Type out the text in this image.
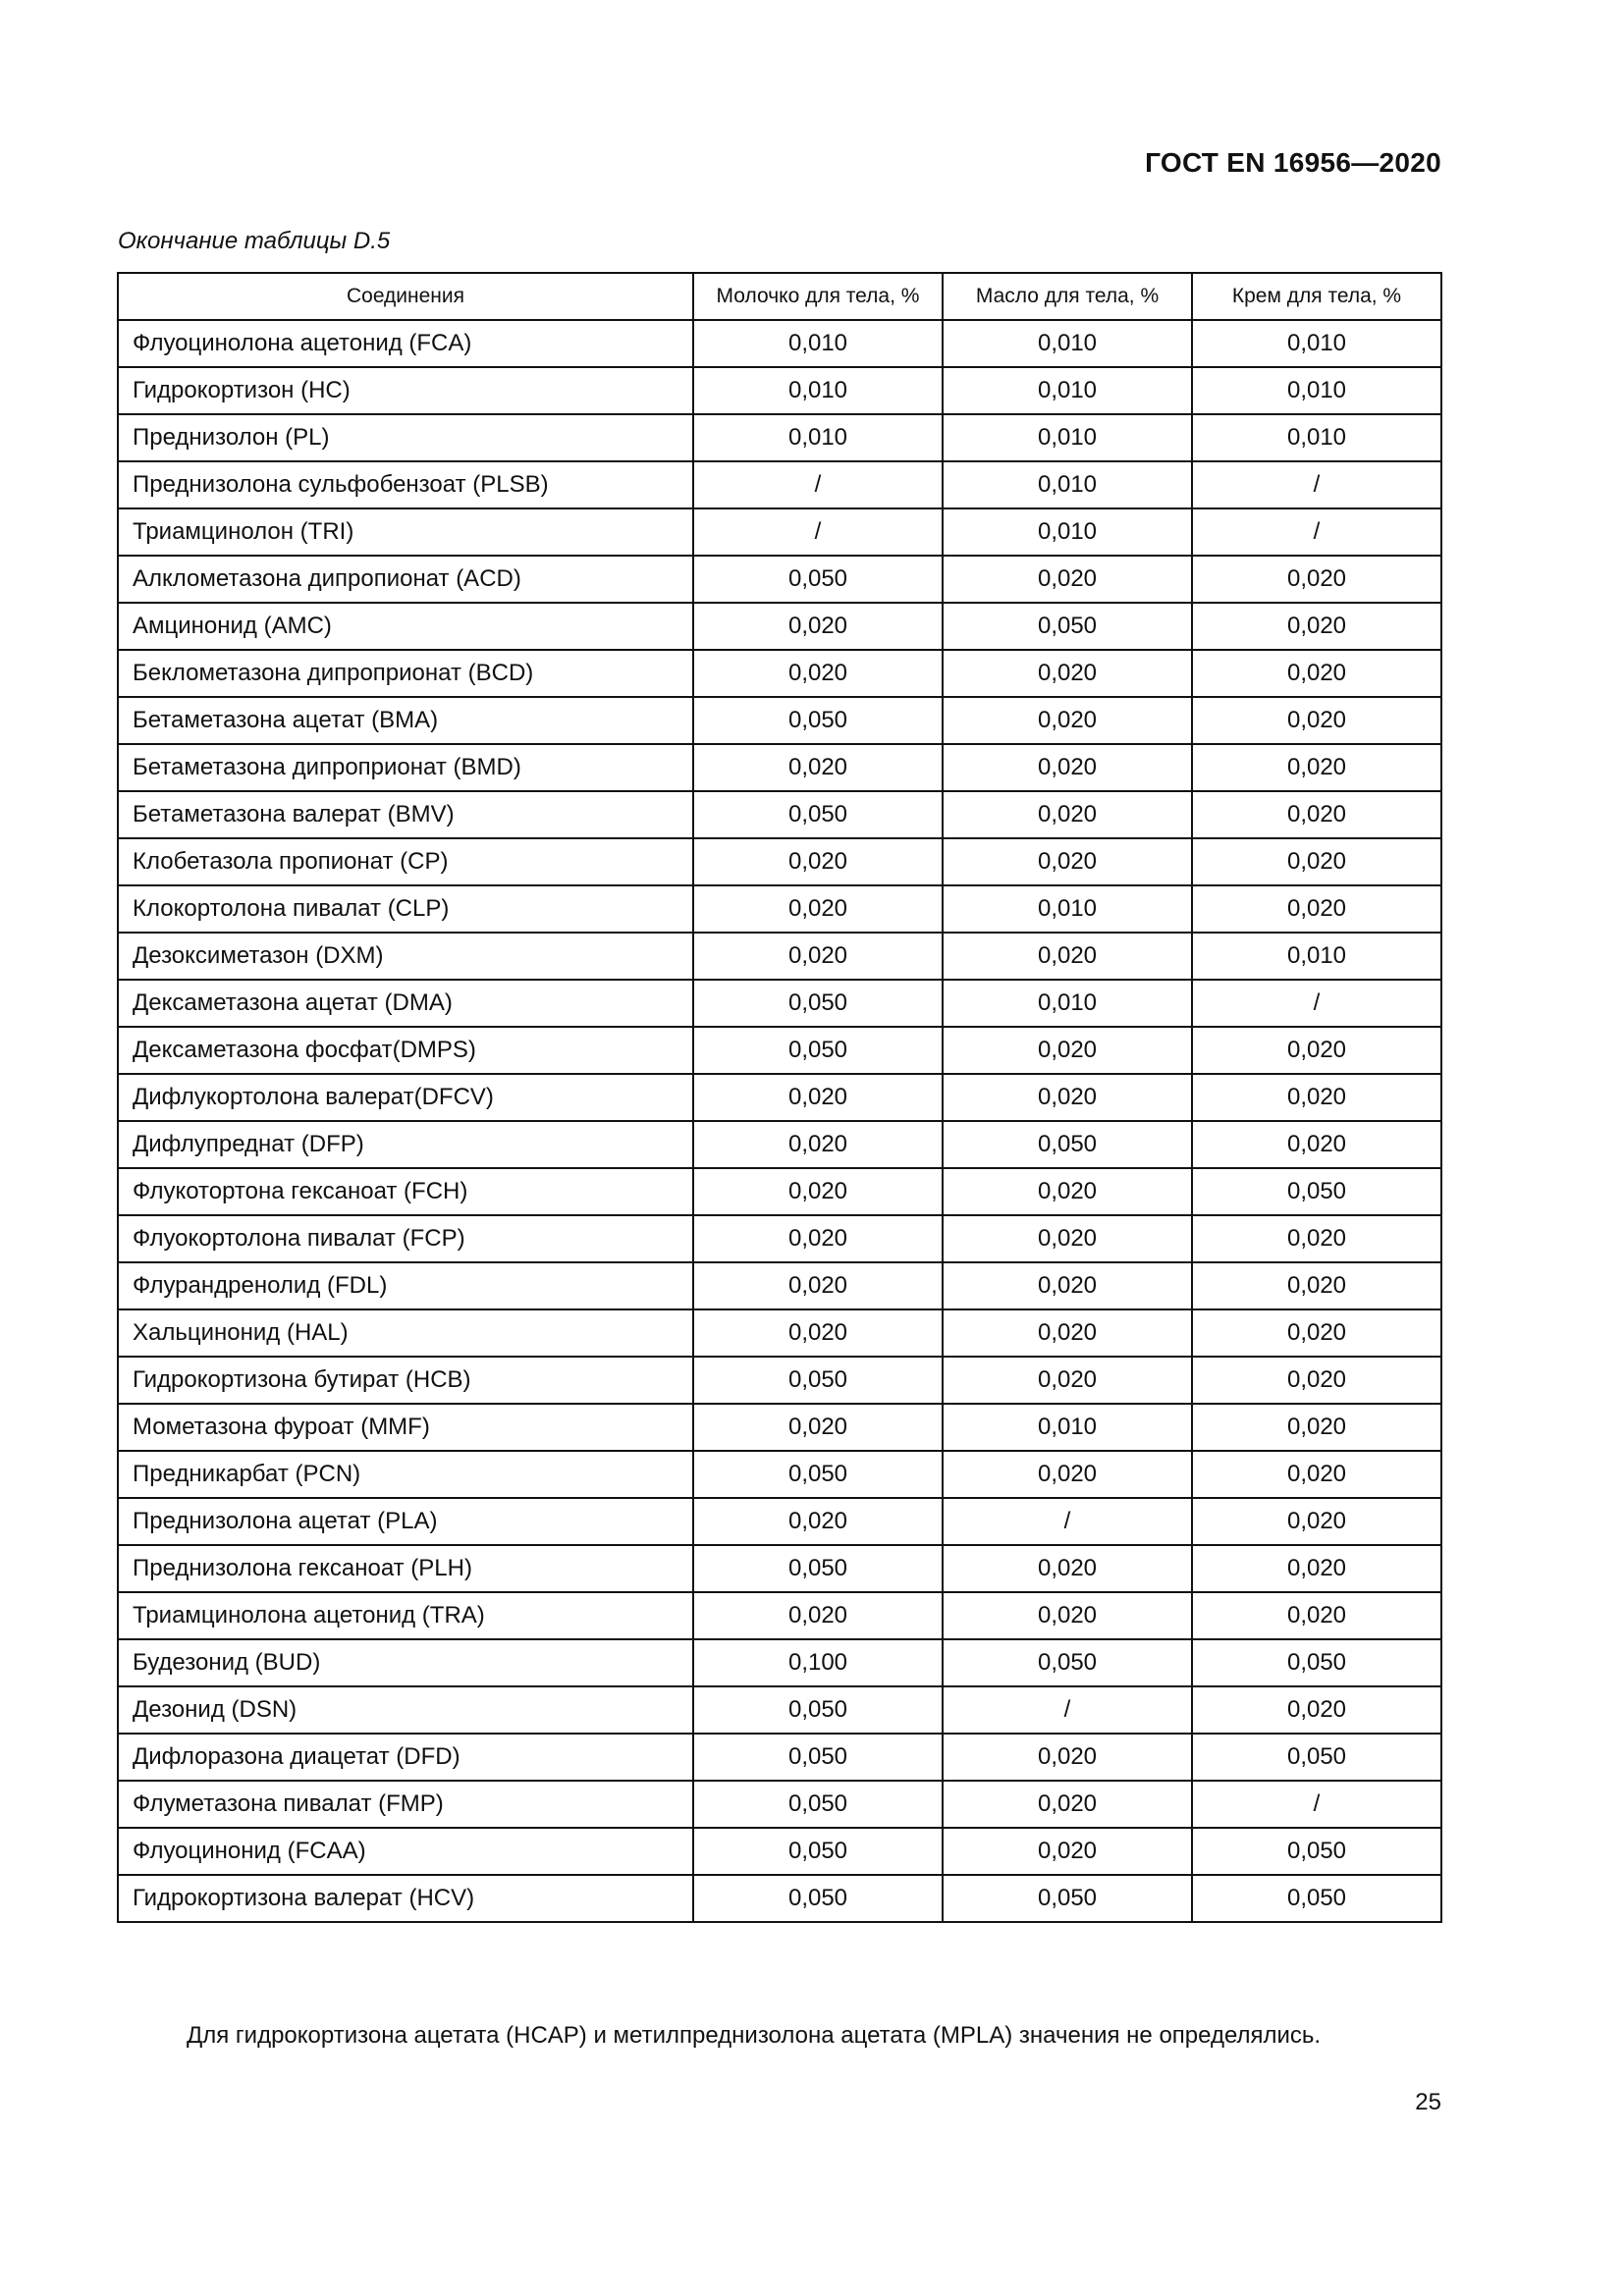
ГОСТ EN 16956—2020
Окончание таблицы D.5
Соединения	Молочко для тела, %	Масло для тела, %	Крем для тела, %
Флуоцинолона ацетонид (FCA)	0,010	0,010	0,010
Гидрокортизон (HC)	0,010	0,010	0,010
Преднизолон (PL)	0,010	0,010	0,010
Преднизолона сульфобензоат (PLSB)	/	0,010	/
Триамцинолон (TRI)	/	0,010	/
Алклометазона дипропионат (ACD)	0,050	0,020	0,020
Амцинонид (AMC)	0,020	0,050	0,020
Беклометазона дипроприонат (BCD)	0,020	0,020	0,020
Бетаметазона ацетат (BMA)	0,050	0,020	0,020
Бетаметазона дипроприонат (BMD)	0,020	0,020	0,020
Бетаметазона валерат (BMV)	0,050	0,020	0,020
Клобетазола пропионат (CP)	0,020	0,020	0,020
Клокортолона пивалат (CLP)	0,020	0,010	0,020
Дезоксиметазон (DXM)	0,020	0,020	0,010
Дексаметазона ацетат (DMA)	0,050	0,010	/
Дексаметазона фосфат(DMPS)	0,050	0,020	0,020
Дифлукортолона валерат(DFCV)	0,020	0,020	0,020
Дифлупреднат (DFP)	0,020	0,050	0,020
Флукотортона гексаноат (FCH)	0,020	0,020	0,050
Флуокортолона пивалат (FCP)	0,020	0,020	0,020
Флурандренолид (FDL)	0,020	0,020	0,020
Хальцинонид (HAL)	0,020	0,020	0,020
Гидрокортизона бутират (HCB)	0,050	0,020	0,020
Мометазона фуроат (MMF)	0,020	0,010	0,020
Предникарбат (PCN)	0,050	0,020	0,020
Преднизолона ацетат (PLA)	0,020	/	0,020
Преднизолона гексаноат (PLH)	0,050	0,020	0,020
Триамцинолона ацетонид (TRA)	0,020	0,020	0,020
Будезонид (BUD)	0,100	0,050	0,050
Дезонид (DSN)	0,050	/	0,020
Дифлоразона диацетат (DFD)	0,050	0,020	0,050
Флуметазона пивалат (FMP)	0,050	0,020	/
Флуоцинонид (FCAA)	0,050	0,020	0,050
Гидрокортизона валерат (HCV)	0,050	0,050	0,050
Для гидрокортизона ацетата (HCAP) и метилпреднизолона ацетата (MPLA) значения не определялись.
25
